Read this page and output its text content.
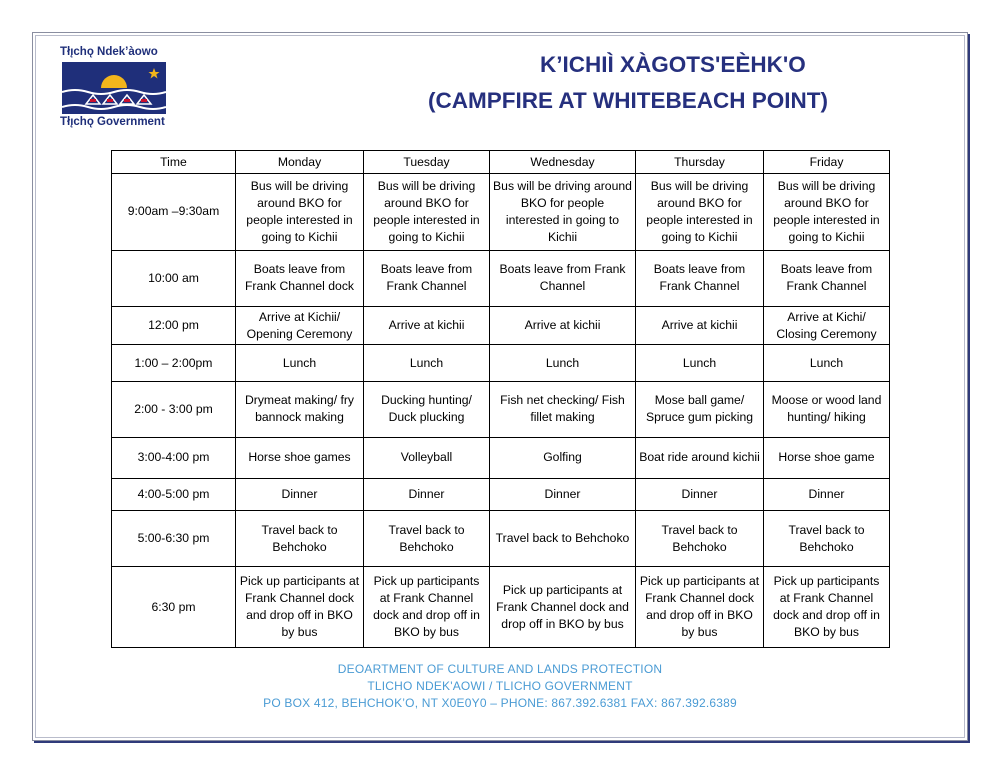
Tłı̨chǫ Ndek’àowo
Tłı̨chǫ Government
K’ICHIÌ XÀGOTS'EÈHK'O
(CAMPFIRE AT WHITEBEACH POINT)
Time	Monday	Tuesday	Wednesday	Thursday	Friday
9:00am –9:30am	Bus will be driving around BKO for people interested in going to Kichii	Bus will be driving around BKO for people interested in going to Kichii	Bus will be driving around BKO for people interested in going to Kichii	Bus will be driving around BKO for people interested in going to Kichii	Bus will be driving around BKO for people interested in going to Kichii
10:00 am	Boats leave from Frank Channel dock	Boats leave from Frank Channel	Boats leave from Frank Channel	Boats leave from Frank Channel	Boats leave from Frank Channel
12:00 pm	Arrive at Kichii/ Opening Ceremony	Arrive at kichii	Arrive at kichii	Arrive at kichii	Arrive at Kichi/ Closing Ceremony
1:00 – 2:00pm	Lunch	Lunch	Lunch	Lunch	Lunch
2:00 - 3:00 pm	Drymeat making/ fry bannock making	Ducking hunting/ Duck plucking	Fish net checking/ Fish fillet making	Mose ball game/ Spruce gum picking	Moose or wood land hunting/ hiking
3:00-4:00 pm	Horse shoe games	Volleyball	Golfing	Boat ride around kichii	Horse shoe game
4:00-5:00 pm	Dinner	Dinner	Dinner	Dinner	Dinner
5:00-6:30 pm	Travel back to Behchoko	Travel back to Behchoko	Travel back to Behchoko	Travel back to Behchoko	Travel back to Behchoko
6:30 pm	Pick up participants at Frank Channel dock and drop off in BKO by bus	Pick up participants at Frank Channel dock and drop off in BKO by bus	Pick up participants at Frank Channel dock and drop off in BKO by bus	Pick up participants at Frank Channel dock and drop off in BKO by bus	Pick up participants at Frank Channel dock and drop off in BKO by bus
DEOARTMENT OF CULTURE AND LANDS PROTECTION
TLICHO NDEK'AOWI / TLICHO GOVERNMENT
PO BOX 412, BEHCHOK’O, NT X0E0Y0 – PHONE: 867.392.6381 FAX: 867.392.6389
